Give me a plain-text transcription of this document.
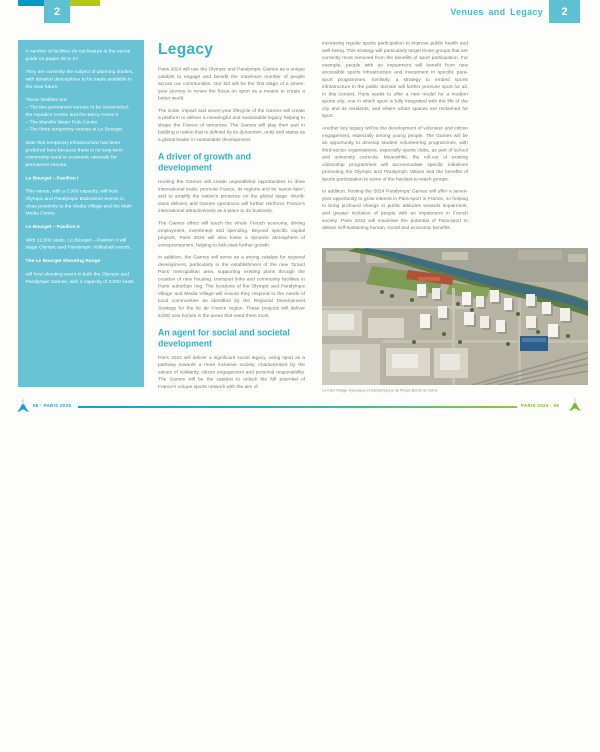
2	Venues and Legacy 2

A number of facilities do not feature in the venue guide on pages 26 to 57.

They are currently the subject of planning studies, with detailed descriptions to be made available in the near future.

These facilities are:

– The two permanent venues to be constructed: the Aquatics Centre and the Bercy Arena II

– The Marville Water Polo Centre

– The three temporary venues at Le Bourget.

Note that temporary infrastructure has been preferred here because there is no long-term community need or economic rationale for permanent venues.

Le Bourget – Pavilion I

This venue, with a 7,000 capacity, will host Olympic and Paralympic Badminton events in close proximity to the Media Village and the Main Media Centre.

Le Bourget – Pavilion II

With 12,000 seats, Le Bourget – Pavilion II will stage Olympic and Paralympic Volleyball events.

The Le Bourget Shooting Range

will host shooting event in both the Olympic and Paralympic Games, with a capacity of 3,000 seats.

Legacy

Paris 2024 will use the Olympic and Paralympic Games as a unique catalyst to engage and benefit the maximum number of people across our communities. Our bid will be the first stage of a seven-year journey to renew the focus on sport as a means to create a better world.

The scale, impact and seven-year lifecycle of the Games will create a platform to deliver a meaningful and sustainable legacy helping to shape the France of tomorrow. The Games will play their part in building a nation that is defined by its dynamism, unity and status as a global leader in sustainable development.

A driver of growth and development

Hosting the Games will create unparalleled opportunities to drive international trade; promote France, its regions and its 'savoir-faire'; and to amplify the nation's presence on the global stage. World-class delivery and Games operations will further reinforce France's international attractiveness as a place to do business.

The Games effect will touch the whole French economy, driving employment, investment and spending. Beyond specific capital projects, Paris 2024 will also foster a dynamic atmosphere of entrepreneurism, helping to kick-start further growth.

In addition, the Games will serve as a strong catalyst for regional development, particularly in the establishment of the new 'Grand Paris' metropolitan area, supporting existing plans through the creation of new housing, transport links and community facilities in Paris' suburban ring. The locations of the Olympic and Paralympic Village and Media Village will ensure they respond to the needs of local communities as identified by the Regional Development Strategy for the Ile de France region. These projects will deliver 5,000 new homes in the areas that need them most.

An agent for social and societal development

Paris 2024 will deliver a significant social legacy, using sport as a pathway towards a more inclusive society, characterised by the values of solidarity, citizen engagement and personal responsibility. The Games will be the catalyst to unlock the full potential of France's unique sports network with the aim of

increasing regular sports participation to improve public health and well-being. This strategy will particularly target those groups that are currently most removed from the benefits of sport participation. For example, people with an impairment will benefit from new accessible sports infrastructure and investment in specific para-sport programmes. Similarly, a strategy to embed sports infrastructure in the public domain will further promote sport for all. In this context, Paris seeks to offer a new model for a modern sports city; one in which sport is fully integrated with the life of the city and its residents, and where urban spaces are reclaimed for sport.

Another key legacy will be the development of volunteer and citizen engagement, especially among young people. The Games will be an opportunity to develop student volunteering programmes, with third-sector organisations, especially sports clubs, as part of school and university curricula. Meanwhile, the roll-out of existing citizenship programmes will accommodate specific initiatives promoting the Olympic and Paralympic Values and the benefits of sports participation to some of the hardest-to-reach groups.

In addition, hosting the 2024 Paralympic Games will offer a seven-year opportunity to grow interest in Para-sport in France, so helping to bring profound change in public attitudes towards impairment, and greater inclusion of people with an impairment in French society. Paris 2024 will maximise the potential of Para-sport to deliver self-sustaining human, social and economic benefits.

Le futur Village olympique et paralympique de Pleyel-Bords de Seine
58 · PARIS 2024	PARIS 2024 · 59
